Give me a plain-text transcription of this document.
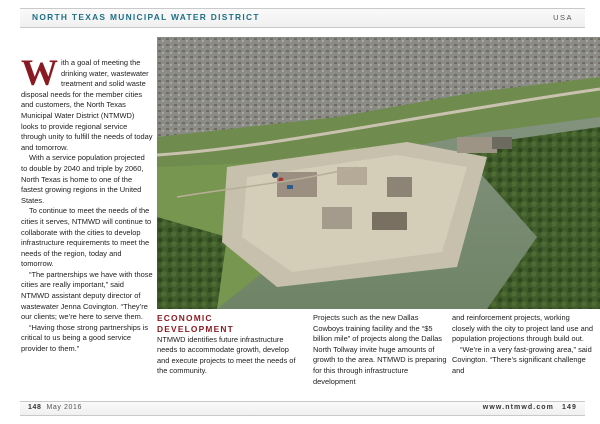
NORTH TEXAS MUNICIPAL WATER DISTRICT	USA

With a goal of meeting the drinking water, wastewater treatment and solid waste disposal needs for the member cities and customers, the North Texas Municipal Water District (NTMWD) looks to provide regional service through unity to fulfill the needs of today and tomorrow.

With a service population projected to double by 2040 and triple by 2060, North Texas is home to one of the fastest growing regions in the United States.

To continue to meet the needs of the cities it serves, NTMWD will continue to collaborate with the cities to develop infrastructure requirements to meet the needs of the region, today and tomorrow.

“The partnerships we have with those cities are really important,” said NTMWD assistant deputy director of wastewater Jenna Covington. “They’re our clients; we’re here to serve them.

“Having those strong partnerships is critical to us being a good service provider to them.”

ECONOMIC
DEVELOPMENT

NTMWD identifies future infrastructure needs to accommodate growth, develop and execute projects to meet the needs of the community.

Projects such as the new Dallas Cowboys training facility and the “$5 billion mile” of projects along the Dallas North Tollway invite huge amounts of growth to the area. NTMWD is preparing for this through infrastructure development

and reinforcement projects, working closely with the city to project land use and population projections through build out.

“We’re in a very fast-growing area,” said Covington. “There’s significant challenge and

148 May 2016	www.ntmwd.com 149
